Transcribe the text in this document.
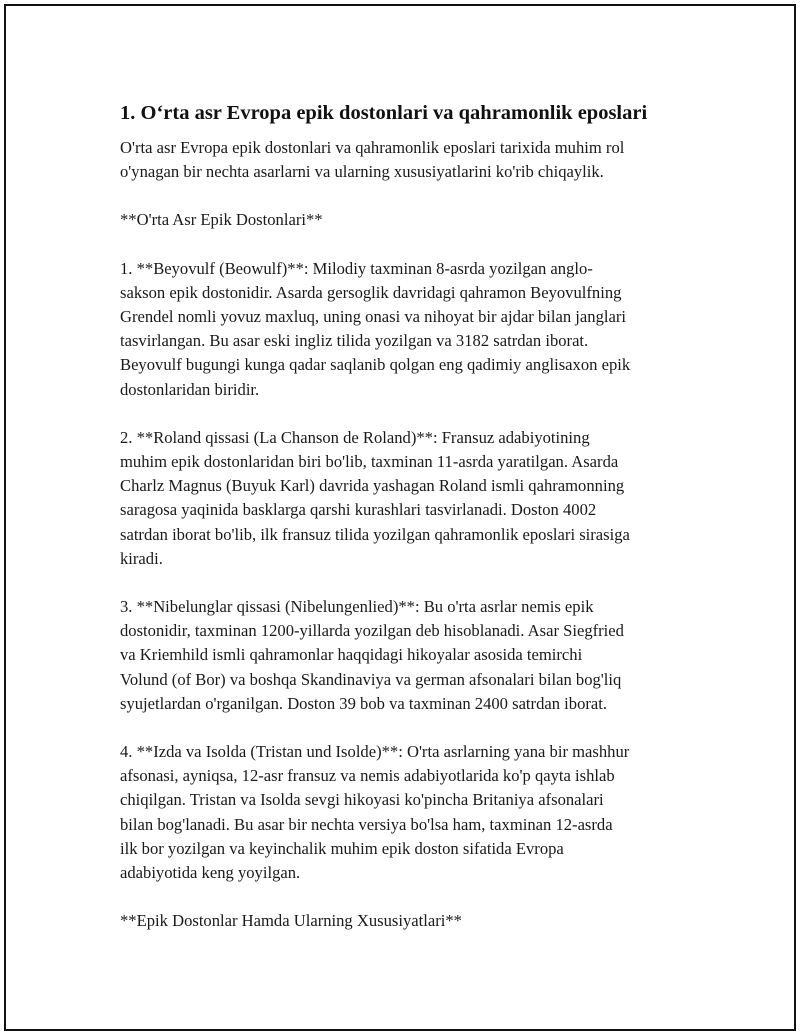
1. O‘rta asr Evropa epik dostonlari va qahramonlik eposlari

O'rta asr Evropa epik dostonlari va qahramonlik eposlari tarixida muhim rol
o'ynagan bir nechta asarlarni va ularning xususiyatlarini ko'rib chiqaylik.

**O'rta Asr Epik Dostonlari**

1. **Beyovulf (Beowulf)**: Milodiy taxminan 8-asrda yozilgan anglo-
sakson epik dostonidir. Asarda gersoglik davridagi qahramon Beyovulfning
Grendel nomli yovuz maxluq, uning onasi va nihoyat bir ajdar bilan janglari
tasvirlangan. Bu asar eski ingliz tilida yozilgan va 3182 satrdan iborat.
Beyovulf bugungi kunga qadar saqlanib qolgan eng qadimiy anglisaxon epik
dostonlaridan biridir.

2. **Roland qissasi (La Chanson de Roland)**: Fransuz adabiyotining
muhim epik dostonlaridan biri bo'lib, taxminan 11-asrda yaratilgan. Asarda
Charlz Magnus (Buyuk Karl) davrida yashagan Roland ismli qahramonning
saragosa yaqinida basklarga qarshi kurashlari tasvirlanadi. Doston 4002
satrdan iborat bo'lib, ilk fransuz tilida yozilgan qahramonlik eposlari sirasiga
kiradi.

3. **Nibelunglar qissasi (Nibelungenlied)**: Bu o'rta asrlar nemis epik
dostonidir, taxminan 1200-yillarda yozilgan deb hisoblanadi. Asar Siegfried
va Kriemhild ismli qahramonlar haqqidagi hikoyalar asosida temirchi
Volund (of Bor) va boshqa Skandinaviya va german afsonalari bilan bog'liq
syujetlardan o'rganilgan. Doston 39 bob va taxminan 2400 satrdan iborat.

4. **Izda va Isolda (Tristan und Isolde)**: O'rta asrlarning yana bir mashhur
afsonasi, ayniqsa, 12-asr fransuz va nemis adabiyotlarida ko'p qayta ishlab
chiqilgan. Tristan va Isolda sevgi hikoyasi ko'pincha Britaniya afsonalari
bilan bog'lanadi. Bu asar bir nechta versiya bo'lsa ham, taxminan 12-asrda
ilk bor yozilgan va keyinchalik muhim epik doston sifatida Evropa
adabiyotida keng yoyilgan.

**Epik Dostonlar Hamda Ularning Xususiyatlari**
